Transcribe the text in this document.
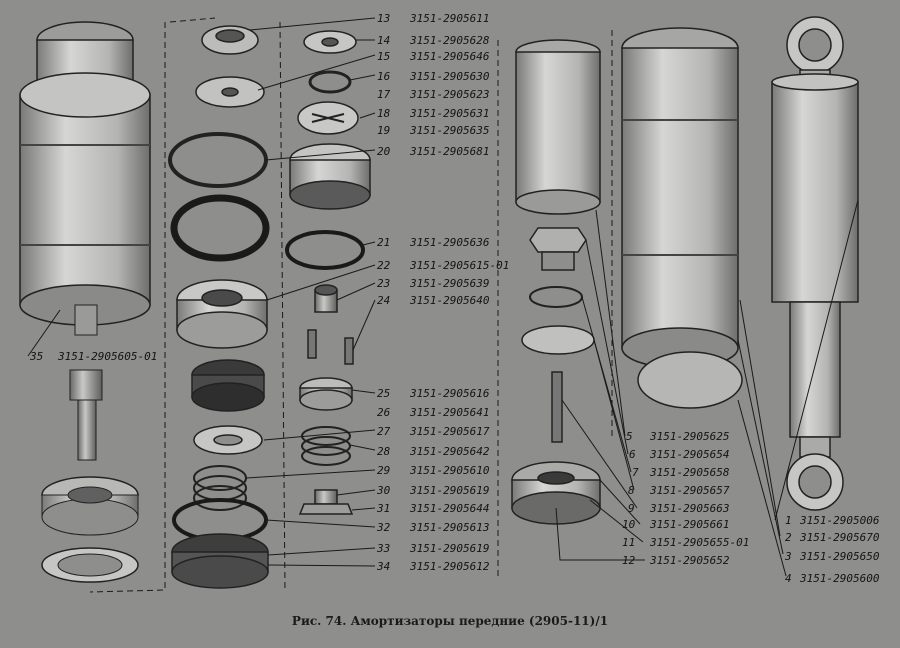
13 3151-2905611
14 3151-2905628
15 3151-2905646
16 3151-2905630
17 3151-2905623
18 3151-2905631
19 3151-2905635
20 3151-2905681
21 3151-2905636
22 3151-2905615-01
23 3151-2905639
24 3151-2905640
25 3151-2905616
26 3151-2905641
27 3151-2905617
28 3151-2905642
29 3151-2905610
30 3151-2905619
31 3151-2905644
32 3151-2905613
33 3151-2905619
34 3151-2905612
35 3151-2905605-01
5 3151-2905625
6 3151-2905654
7 3151-2905658
8 3151-2905657
9 3151-2905663
10 3151-2905661
11 3151-2905655-01
12 3151-2905652
1 3151-2905006
2 3151-2905670
3 3151-2905650
4 3151-2905600
Рис. 74. Амортизаторы передние (2905-11)/1
